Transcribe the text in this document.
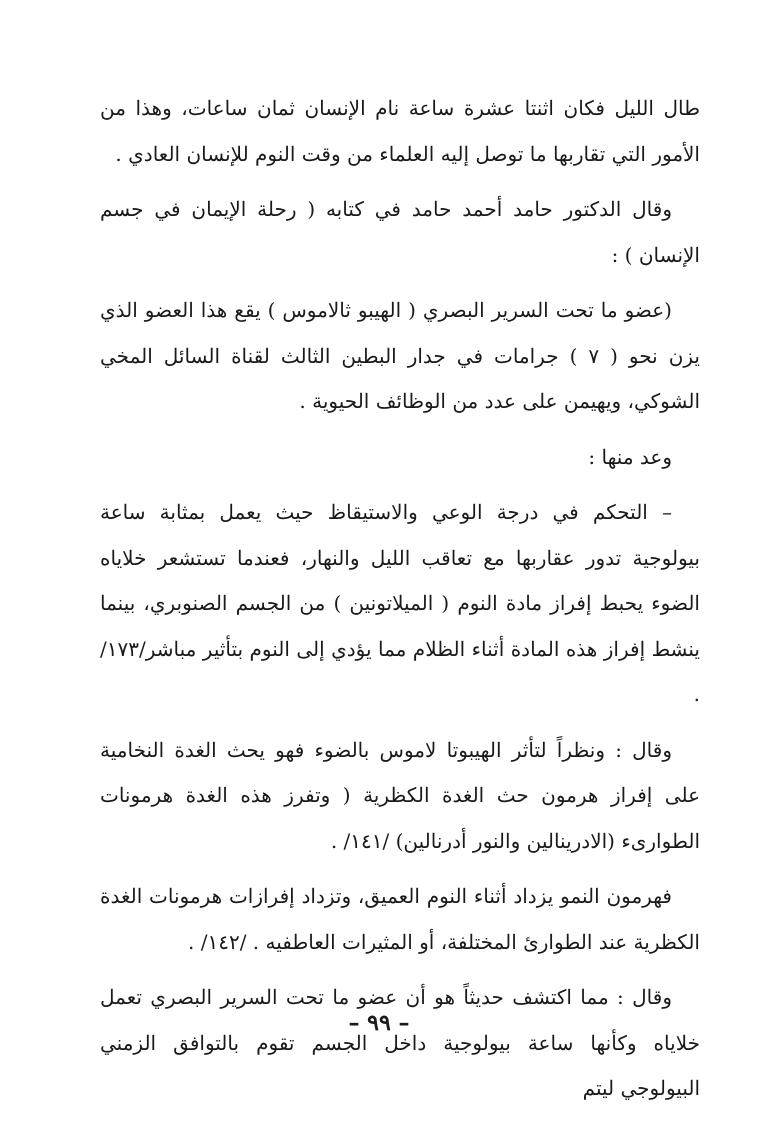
طال الليل فكان اثنتا عشرة ساعة نام الإنسان ثمان ساعات، وهذا من الأمور التي تقاربها ما توصل إليه العلماء من وقت النوم للإنسان العادي .

وقال الدكتور حامد أحمد حامد في كتابه ( رحلة الإيمان في جسم الإنسان ) :

(عضو ما تحت السرير البصري ( الهيبو ثالاموس ) يقع هذا العضو الذي يزن نحو ( ٧ ) جرامات في جدار البطين الثالث لقناة السائل المخي الشوكي، ويهيمن على عدد من الوظائف الحيوية .

وعد منها :

– التحكم في درجة الوعي والاستيقاظ حيث يعمل بمثابة ساعة بيولوجية تدور عقاربها مع تعاقب الليل والنهار، فعندما تستشعر خلاياه الضوء يحبط إفراز مادة النوم ( الميلاتونين ) من الجسم الصنوبري، بينما ينشط إفراز هذه المادة أثناء الظلام مما يؤدي إلى النوم بتأثير مباشر/١٧٣/ .

وقال : ونظراً لتأثر الهيبوتا لاموس بالضوء فهو يحث الغدة النخامية على إفراز هرمون حث الغدة الكظرية ( وتفرز هذه الغدة هرمونات الطوارىء (الادرينالين والنور أدرنالين) /١٤١/ .

فهرمون النمو يزداد أثناء النوم العميق، وتزداد إفرازات هرمونات الغدة الكظرية عند الطوارئ المختلفة، أو المثيرات العاطفيه . /١٤٢/ .

وقال : مما اكتشف حديثاً هو أن عضو ما تحت السرير البصري تعمل خلاياه وكأنها ساعة بيولوجية داخل الجسم تقوم بالتوافق الزمني البيولوجي ليتم

– ٩٩ –
